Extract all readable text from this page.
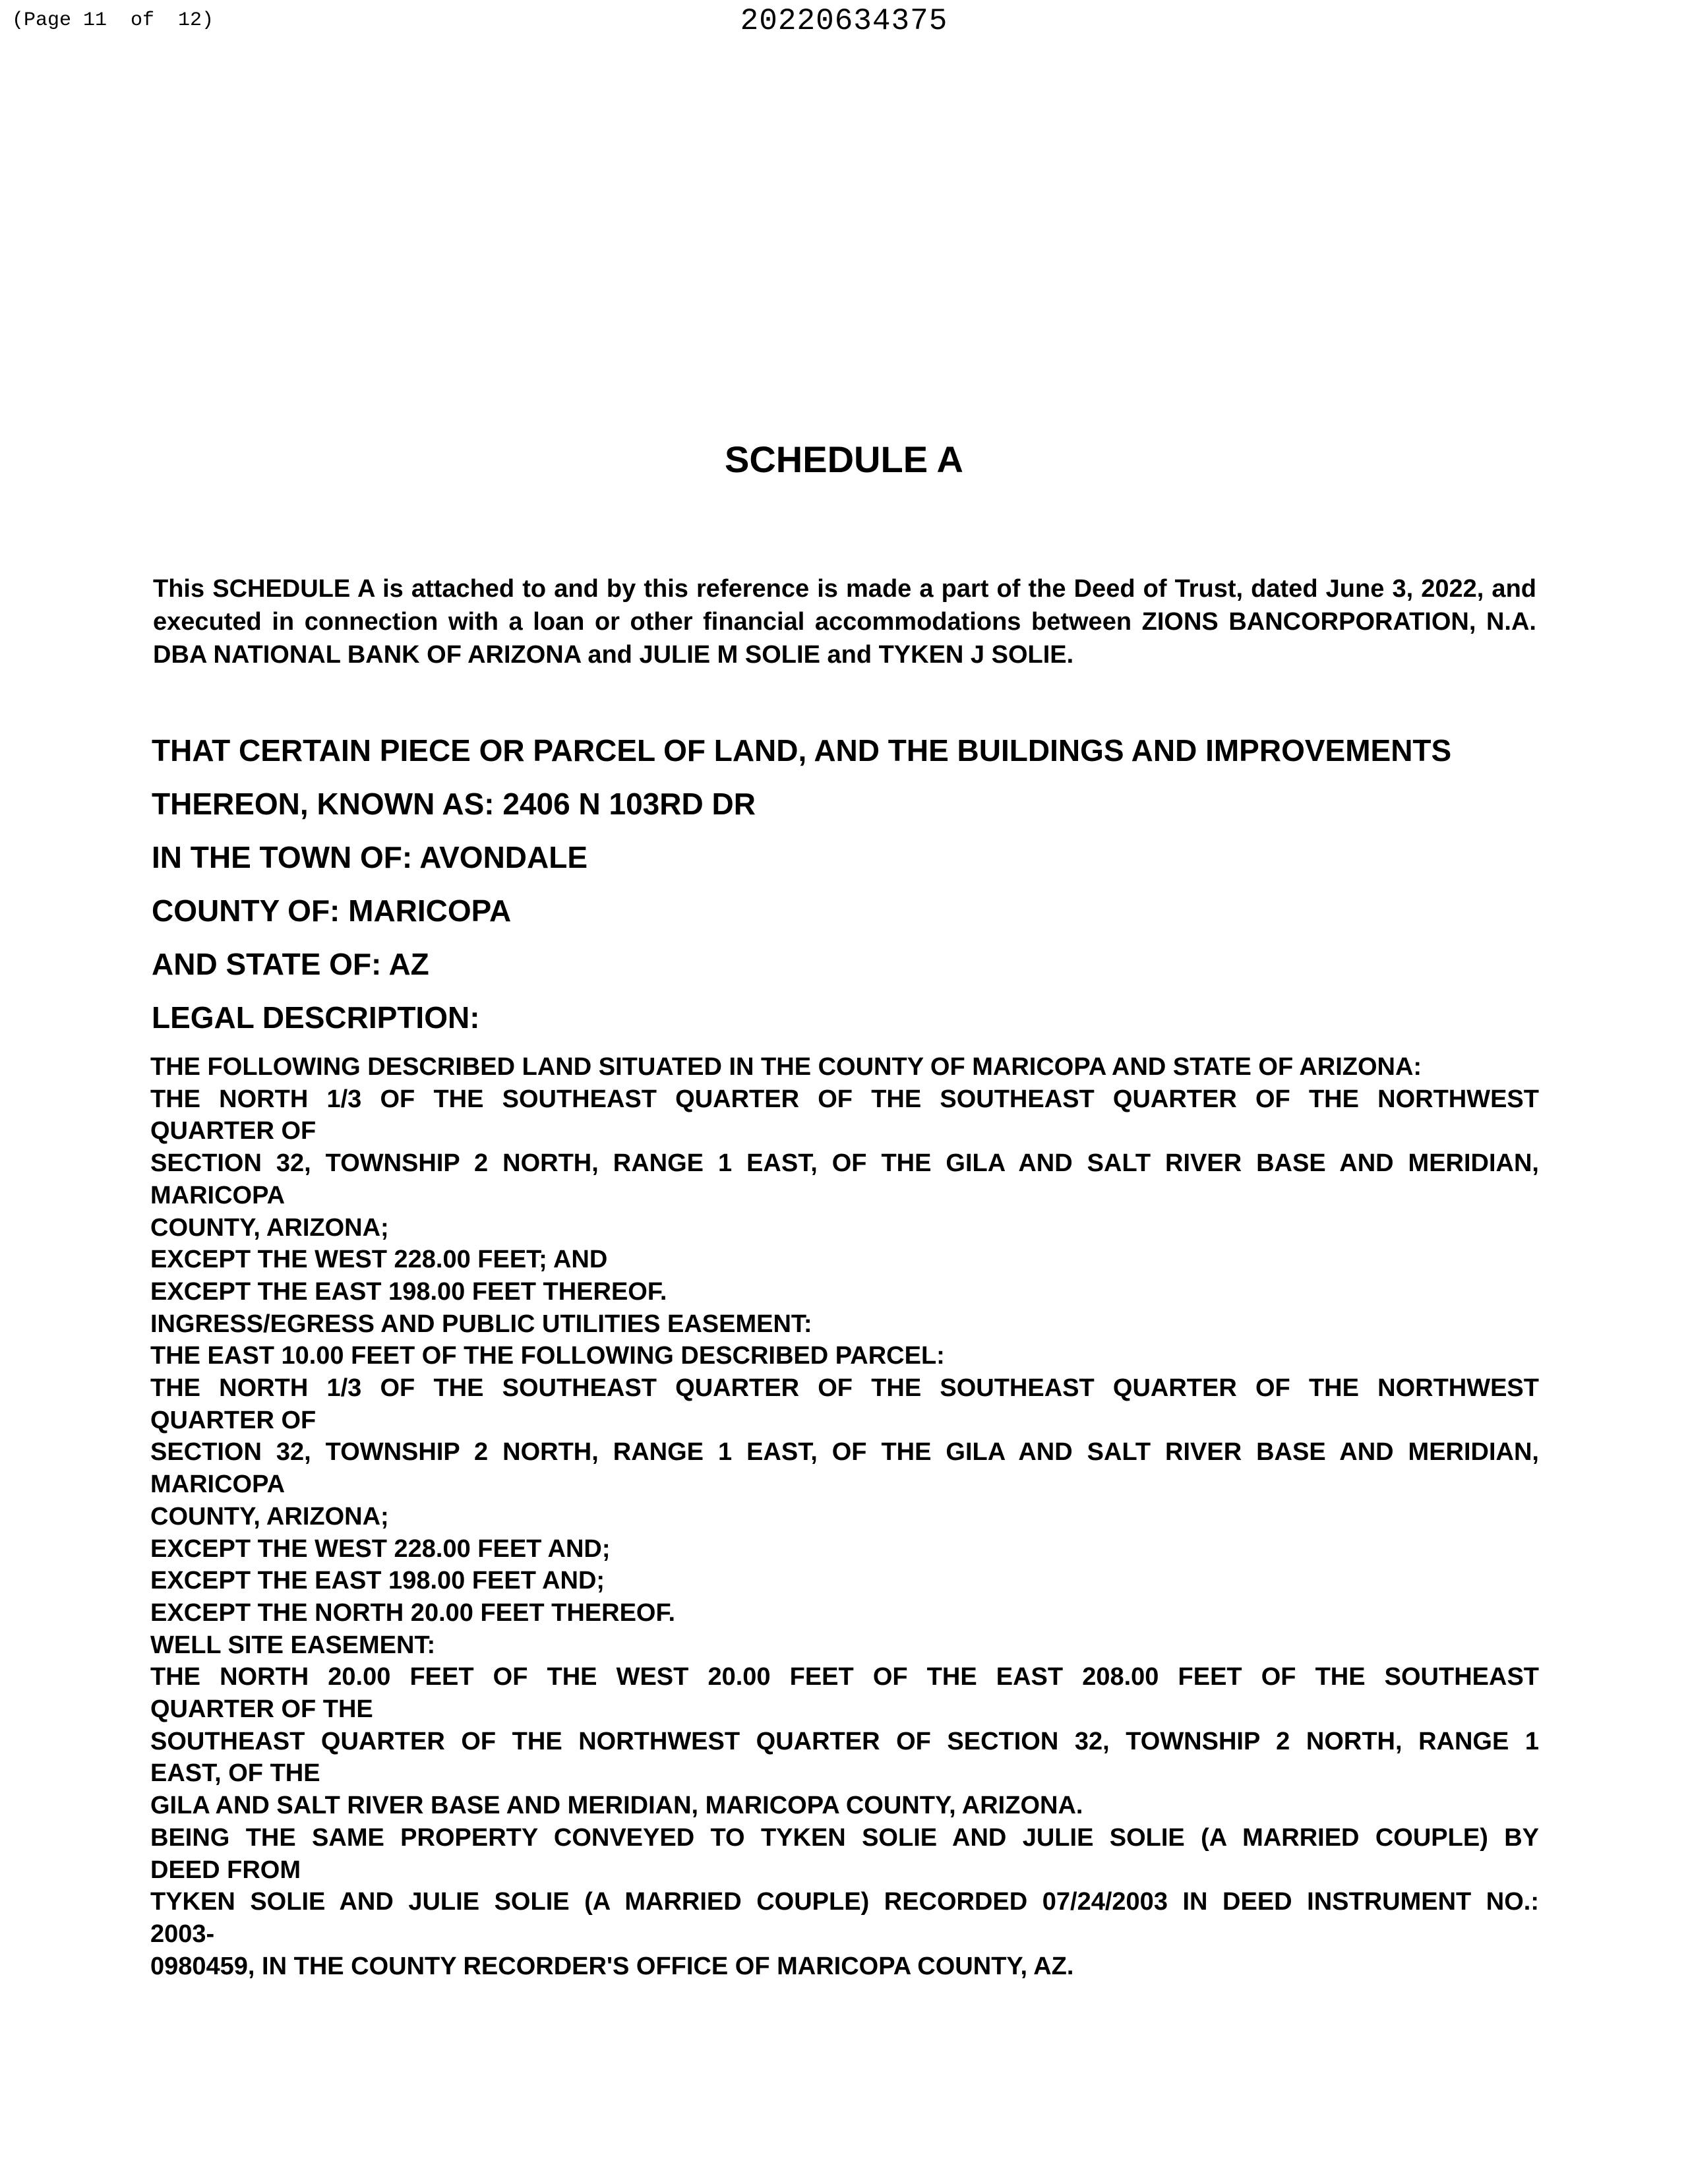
(Page 11  of  12)	20220634375
SCHEDULE A
This SCHEDULE A is attached to and by this reference is made a part of the Deed of Trust, dated June 3, 2022, and executed in connection with a loan or other financial accommodations between ZIONS BANCORPORATION, N.A. DBA NATIONAL BANK OF ARIZONA and JULIE M SOLIE and TYKEN J SOLIE.
THAT CERTAIN PIECE OR PARCEL OF LAND, AND THE BUILDINGS AND IMPROVEMENTS
THEREON, KNOWN AS: 2406 N 103RD DR
IN THE TOWN OF: AVONDALE
COUNTY OF: MARICOPA
AND STATE OF: AZ
LEGAL DESCRIPTION:
THE FOLLOWING DESCRIBED LAND SITUATED IN THE COUNTY OF MARICOPA AND STATE OF ARIZONA:
THE NORTH 1/3 OF THE SOUTHEAST QUARTER OF THE SOUTHEAST QUARTER OF THE NORTHWEST
QUARTER OF
SECTION 32, TOWNSHIP 2 NORTH, RANGE 1 EAST, OF THE GILA AND SALT RIVER BASE AND MERIDIAN,
MARICOPA
COUNTY, ARIZONA;
EXCEPT THE WEST 228.00 FEET; AND
EXCEPT THE EAST 198.00 FEET THEREOF.
INGRESS/EGRESS AND PUBLIC UTILITIES EASEMENT:
THE EAST 10.00 FEET OF THE FOLLOWING DESCRIBED PARCEL:
THE NORTH 1/3 OF THE SOUTHEAST QUARTER OF THE SOUTHEAST QUARTER OF THE NORTHWEST
QUARTER OF
SECTION 32, TOWNSHIP 2 NORTH, RANGE 1 EAST, OF THE GILA AND SALT RIVER BASE AND MERIDIAN,
MARICOPA
COUNTY, ARIZONA;
EXCEPT THE WEST 228.00 FEET AND;
EXCEPT THE EAST 198.00 FEET AND;
EXCEPT THE NORTH 20.00 FEET THEREOF.
WELL SITE EASEMENT:
THE NORTH 20.00 FEET OF THE WEST 20.00 FEET OF THE EAST 208.00 FEET OF THE SOUTHEAST
QUARTER OF THE
SOUTHEAST QUARTER OF THE NORTHWEST QUARTER OF SECTION 32, TOWNSHIP 2 NORTH, RANGE 1
EAST, OF THE
GILA AND SALT RIVER BASE AND MERIDIAN, MARICOPA COUNTY, ARIZONA.
BEING THE SAME PROPERTY CONVEYED TO TYKEN SOLIE AND JULIE SOLIE (A MARRIED COUPLE) BY
DEED FROM
TYKEN SOLIE AND JULIE SOLIE (A MARRIED COUPLE) RECORDED 07/24/2003 IN DEED INSTRUMENT NO.:
2003-
0980459, IN THE COUNTY RECORDER'S OFFICE OF MARICOPA COUNTY, AZ.
